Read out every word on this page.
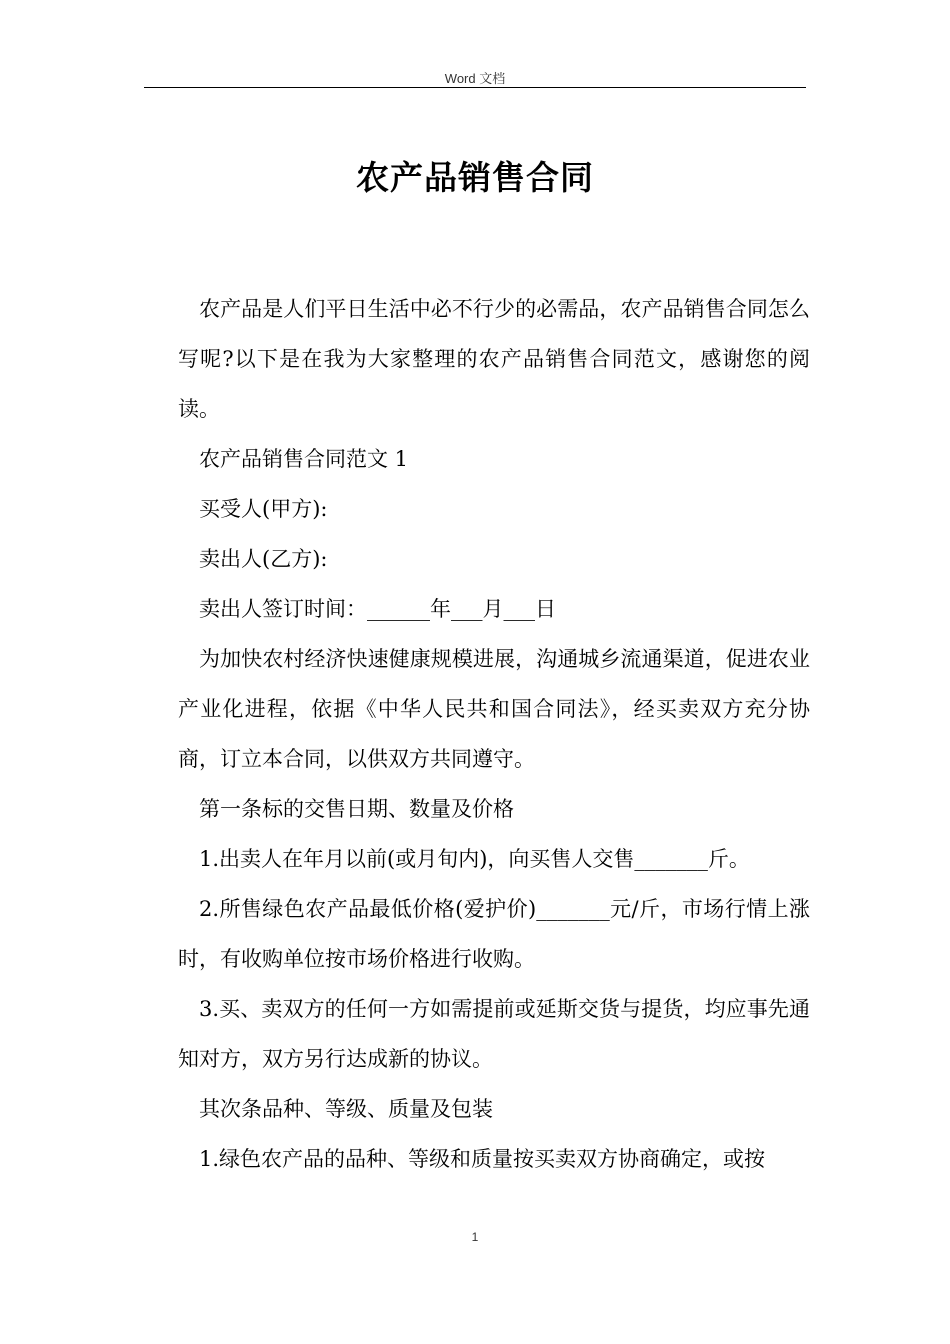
Word 文档
农产品销售合同

农产品是人们平日生活中必不行少的必需品，农产品销售合同怎么写呢?以下是在我为大家整理的农产品销售合同范文，感谢您的阅读。

农产品销售合同范文 1

买受人(甲方):

卖出人(乙方):

卖出人签订时间：______年___月___日

为加快农村经济快速健康规模进展，沟通城乡流通渠道，促进农业产业化进程，依据《中华人民共和国合同法》，经买卖双方充分协商，订立本合同，以供双方共同遵守。

第一条标的交售日期、数量及价格

1.出卖人在年月以前(或月旬内)，向买售人交售_______斤。

2.所售绿色农产品最低价格(爱护价)_______元/斤，市场行情上涨时，有收购单位按市场价格进行收购。

3.买、卖双方的任何一方如需提前或延斯交货与提货，均应事先通知对方，双方另行达成新的协议。

其次条品种、等级、质量及包装

1.绿色农产品的品种、等级和质量按买卖双方协商确定，或按

1
